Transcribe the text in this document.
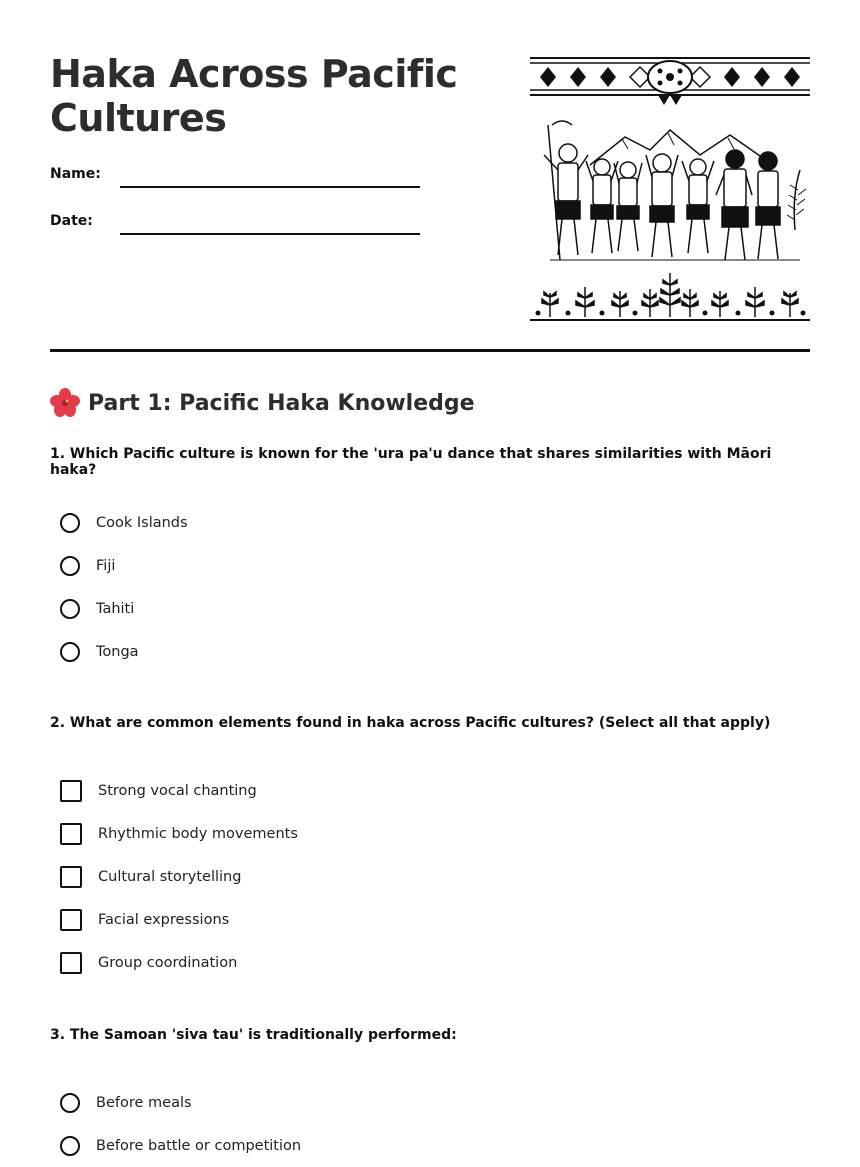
Haka Across Pacific Cultures
Name:
Date:
Part 1: Pacific Haka Knowledge

1. Which Pacific culture is known for the 'ura pa'u dance that shares similarities with Māori haka?

Cook Islands
Fiji
Tahiti
Tonga

2. What are common elements found in haka across Pacific cultures? (Select all that apply)

Strong vocal chanting
Rhythmic body movements
Cultural storytelling
Facial expressions
Group coordination

3. The Samoan 'siva tau' is traditionally performed:

Before meals
Before battle or competition
